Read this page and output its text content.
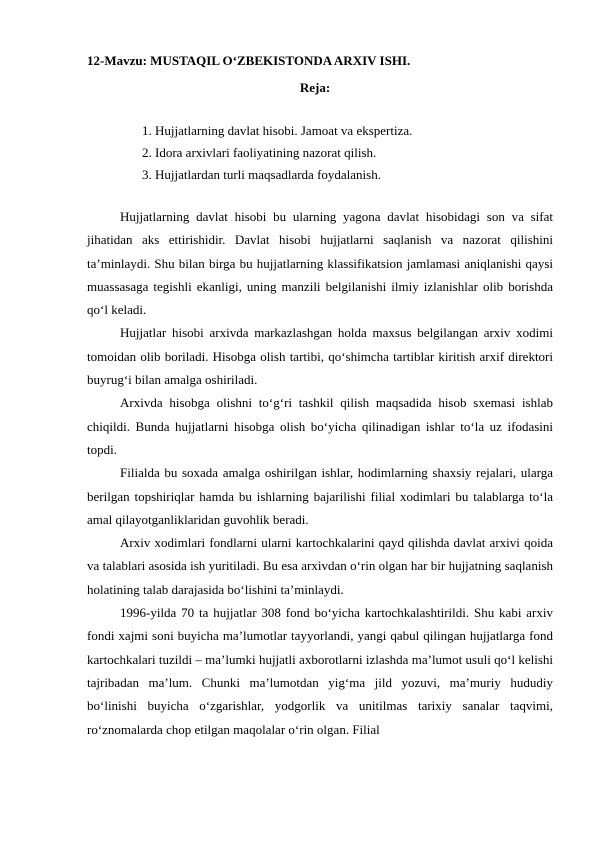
12-Mavzu: MUSTAQIL O‘ZBEKISTONDA ARXIV ISHI.
Reja:
1. Hujjatlarning davlat hisobi. Jamoat va ekspertiza.
2. Idora arxivlari faoliyatining nazorat qilish.
3. Hujjatlardan turli maqsadlarda foydalanish.

Hujjatlarning davlat hisobi bu ularning yagona davlat hisobidagi son va sifat jihatidan aks ettirishidir. Davlat hisobi hujjatlarni saqlanish va nazorat qilishini ta’minlaydi. Shu bilan birga bu hujjatlarning klassifikatsion jamlamasi aniqlanishi qaysi muassasaga tegishli ekanligi, uning manzili belgilanishi ilmiy izlanishlar olib borishda qo‘l keladi.

Hujjatlar hisobi arxivda markazlashgan holda maxsus belgilangan arxiv xodimi tomoidan olib boriladi. Hisobga olish tartibi, qo‘shimcha tartiblar kiritish arxif direktori buyrug‘i bilan amalga oshiriladi.

Arxivda hisobga olishni to‘g‘ri tashkil qilish maqsadida hisob sxemasi ishlab chiqildi. Bunda hujjatlarni hisobga olish bo‘yicha qilinadigan ishlar to‘la uz ifodasini topdi.

Filialda bu soxada amalga oshirilgan ishlar, hodimlarning shaxsiy rejalari, ularga berilgan topshiriqlar hamda bu ishlarning bajarilishi filial xodimlari bu talablarga to‘la amal qilayotganliklaridan guvohlik beradi.

Arxiv xodimlari fondlarni ularni kartochkalarini qayd qilishda davlat arxivi qoida va talablari asosida ish yuritiladi. Bu esa arxivdan o‘rin olgan har bir hujjatning saqlanish holatining talab darajasida bo‘lishini ta’minlaydi.

1996-yilda 70 ta hujjatlar 308 fond bo‘yicha kartochkalashtirildi. Shu kabi arxiv fondi xajmi soni buyicha ma’lumotlar tayyorlandi, yangi qabul qilingan hujjatlarga fond kartochkalari tuzildi – ma’lumki hujjatli axborotlarni izlashda ma’lumot usuli qo‘l kelishi tajribadan ma’lum. Chunki ma’lumotdan yig‘ma jild yozuvi, ma’muriy hududiy bo‘linishi buyicha o‘zgarishlar, yodgorlik va unitilmas tarixiy sanalar taqvimi, ro‘znomalarda chop etilgan maqolalar o‘rin olgan. Filial
